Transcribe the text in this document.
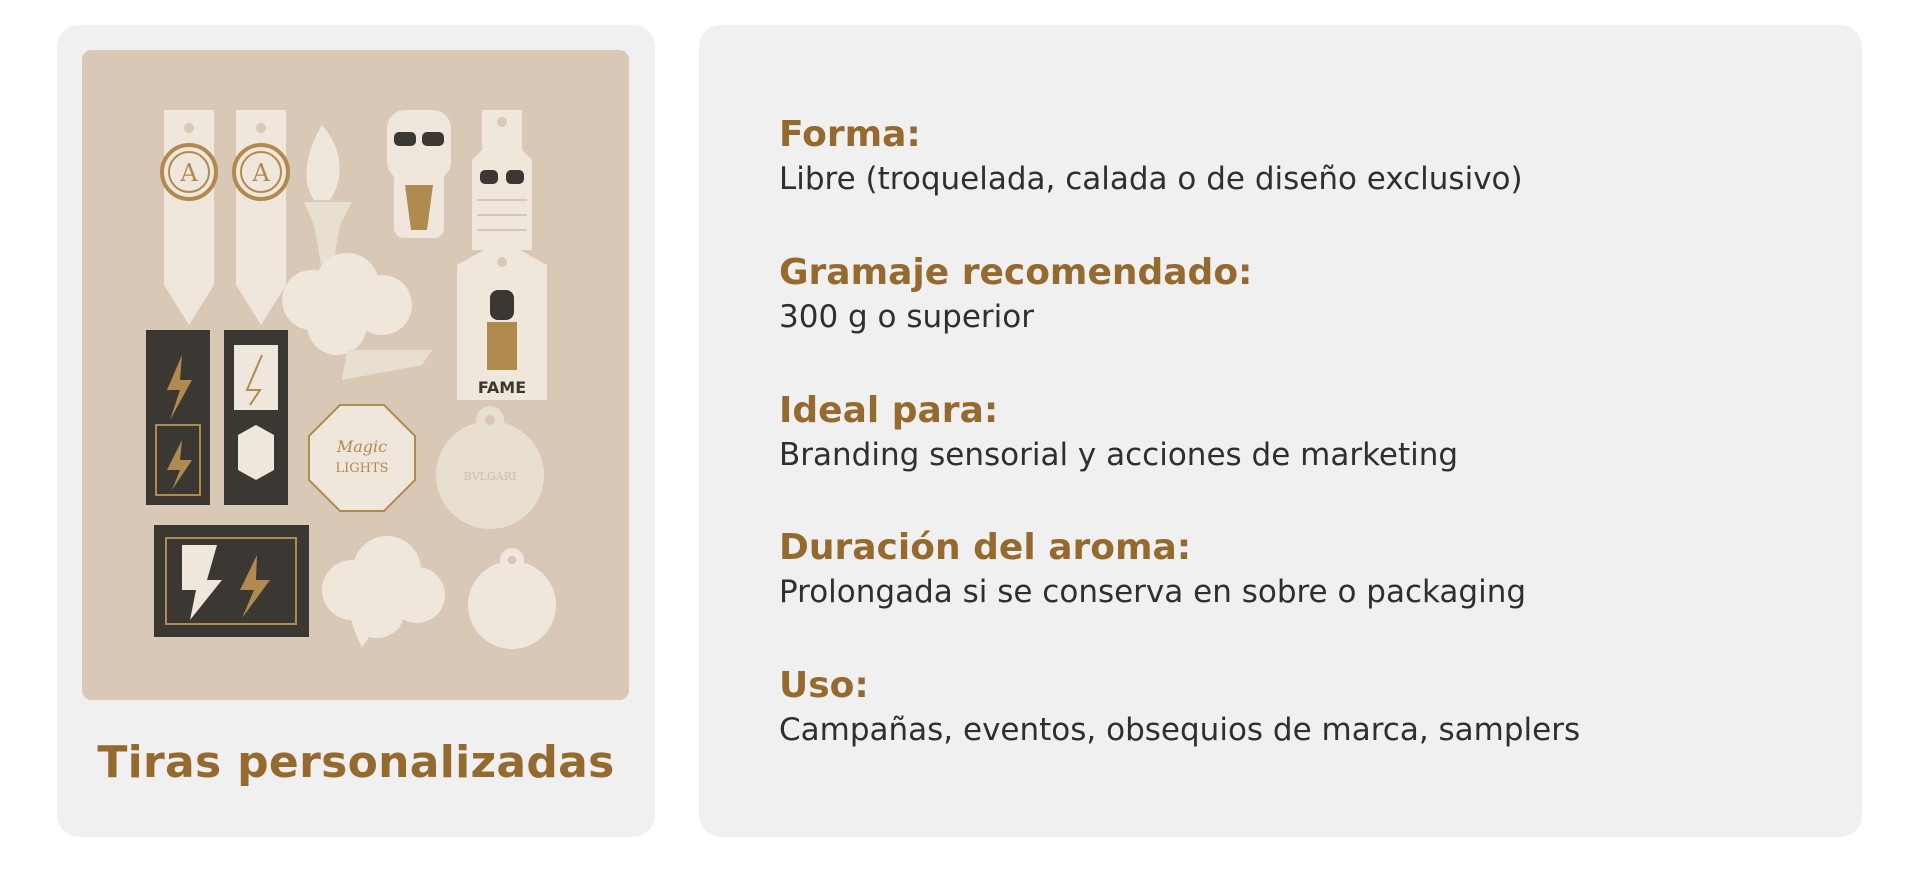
A A
FAME
Magic
LIGHTS
BVLGARI
Tiras personalizadas
Forma:
Libre (troquelada, calada o de diseño exclusivo)
Gramaje recomendado:
300 g o superior
Ideal para:
Branding sensorial y acciones de marketing
Duración del aroma:
Prolongada si se conserva en sobre o packaging
Uso:
Campañas, eventos, obsequios de marca, samplers
